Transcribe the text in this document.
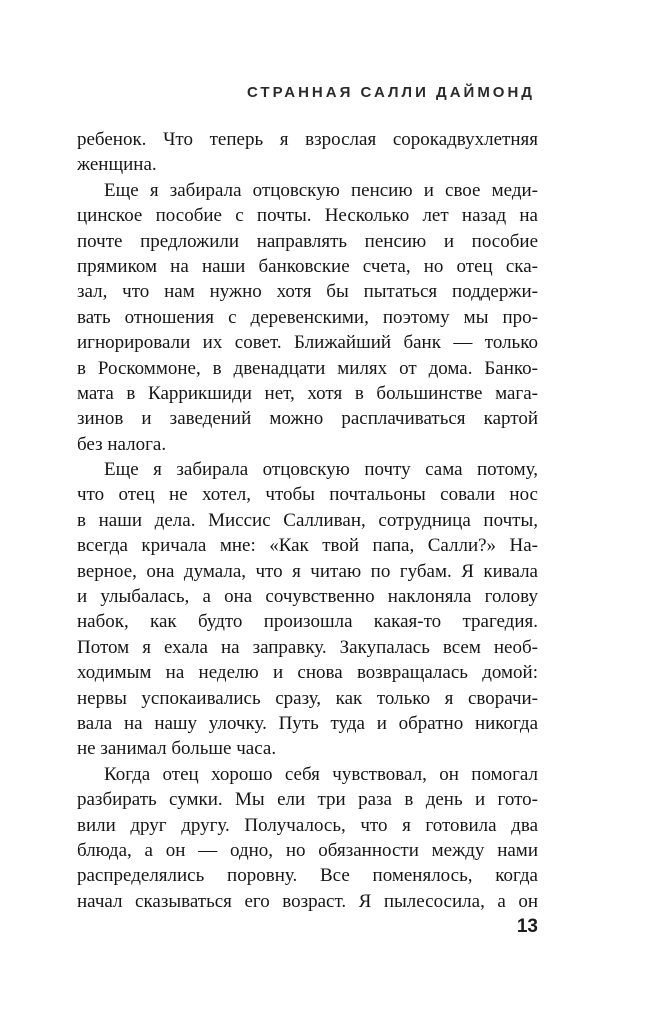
СТРАННАЯ САЛЛИ ДАЙМОНД
ребенок. Что теперь я взрослая сорокадвухлетняя
женщина.
Еще я забирала отцовскую пенсию и свое меди-
цинское пособие с почты. Несколько лет назад на
почте предложили направлять пенсию и пособие
прямиком на наши банковские счета, но отец ска-
зал, что нам нужно хотя бы пытаться поддержи-
вать отношения с деревенскими, поэтому мы про-
игнорировали их совет. Ближайший банк — только
в Роскоммоне, в двенадцати милях от дома. Банко-
мата в Каррикшиди нет, хотя в большинстве мага-
зинов и заведений можно расплачиваться картой
без налога.
Еще я забирала отцовскую почту сама потому,
что отец не хотел, чтобы почтальоны совали нос
в наши дела. Миссис Салливан, сотрудница почты,
всегда кричала мне: «Как твой папа, Салли?» На-
верное, она думала, что я читаю по губам. Я кивала
и улыбалась, а она сочувственно наклоняла голову
набок, как будто произошла какая-то трагедия.
Потом я ехала на заправку. Закупалась всем необ-
ходимым на неделю и снова возвращалась домой:
нервы успокаивались сразу, как только я сворачи-
вала на нашу улочку. Путь туда и обратно никогда
не занимал больше часа.
Когда отец хорошо себя чувствовал, он помогал
разбирать сумки. Мы ели три раза в день и гото-
вили друг другу. Получалось, что я готовила два
блюда, а он — одно, но обязанности между нами
распределялись поровну. Все поменялось, когда
начал сказываться его возраст. Я пылесосила, а он
13
